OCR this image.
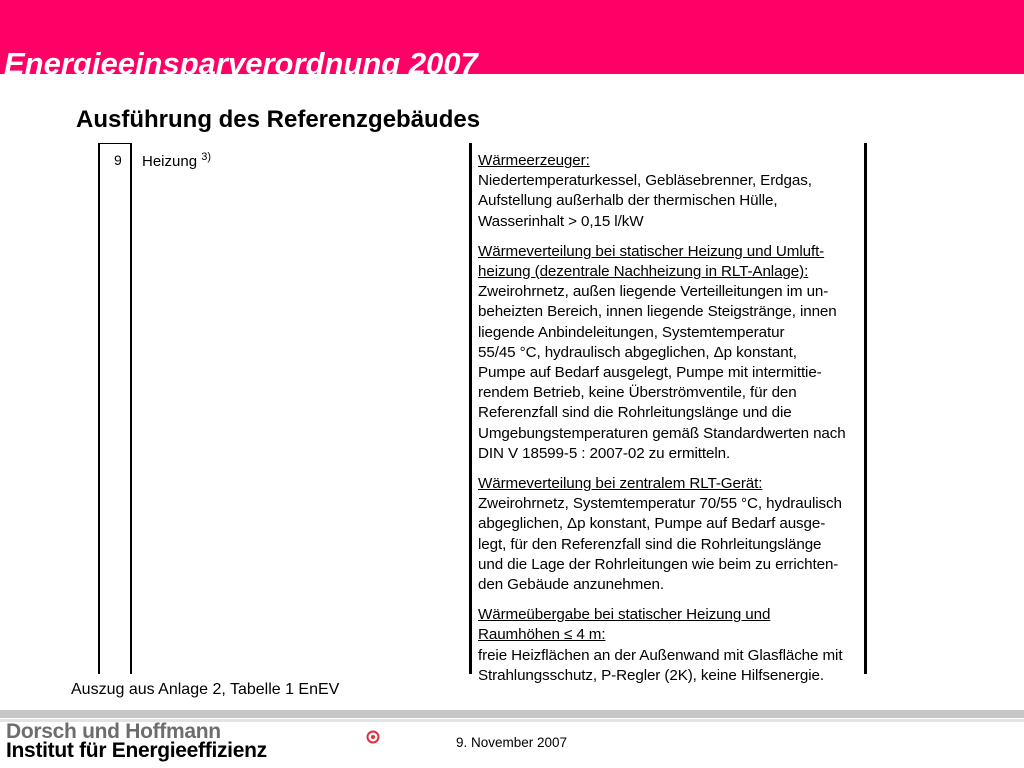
Energieeinsparverordnung 2007
Ausführung des Referenzgebäudes
9 Heizung $^{3)}$	Wärmeerzeuger:
Niedertemperaturkessel, Gebläsebrenner, Erdgas,
Aufstellung außerhalb der thermischen Hülle,
Wasserinhalt > 0,15 l/kW
Wärmeverteilung bei statischer Heizung und Umluft-
heizung (dezentrale Nachheizung in RLT-Anlage):
Zweirohrnetz, außen liegende Verteilleitungen im un-
beheizten Bereich, innen liegende Steigstränge, innen
liegende Anbindeleitungen, Systemtemperatur
55/45 °C, hydraulisch abgeglichen, Δp konstant,
Pumpe auf Bedarf ausgelegt, Pumpe mit intermittie-
rendem Betrieb, keine Überströmventile, für den
Referenzfall sind die Rohrleitungslänge und die
Umgebungstemperaturen gemäß Standardwerten nach
DIN V 18599-5 : 2007-02 zu ermitteln.
Wärmeverteilung bei zentralem RLT-Gerät:
Zweirohrnetz, Systemtemperatur 70/55 °C, hydraulisch
abgeglichen, Δp konstant, Pumpe auf Bedarf ausge-
legt, für den Referenzfall sind die Rohrleitungslänge
und die Lage der Rohrleitungen wie beim zu errichten-
den Gebäude anzunehmen.
Wärmeübergabe bei statischer Heizung und
Raumhöhen ≤ 4 m:
freie Heizflächen an der Außenwand mit Glasfläche mit
Strahlungsschutz, P-Regler (2K), keine Hilfsenergie.

Auszug aus Anlage 2, Tabelle 1 EnEV

Dorsch und Hoffmann

Institut für Energieeffizienz	9. November 2007
